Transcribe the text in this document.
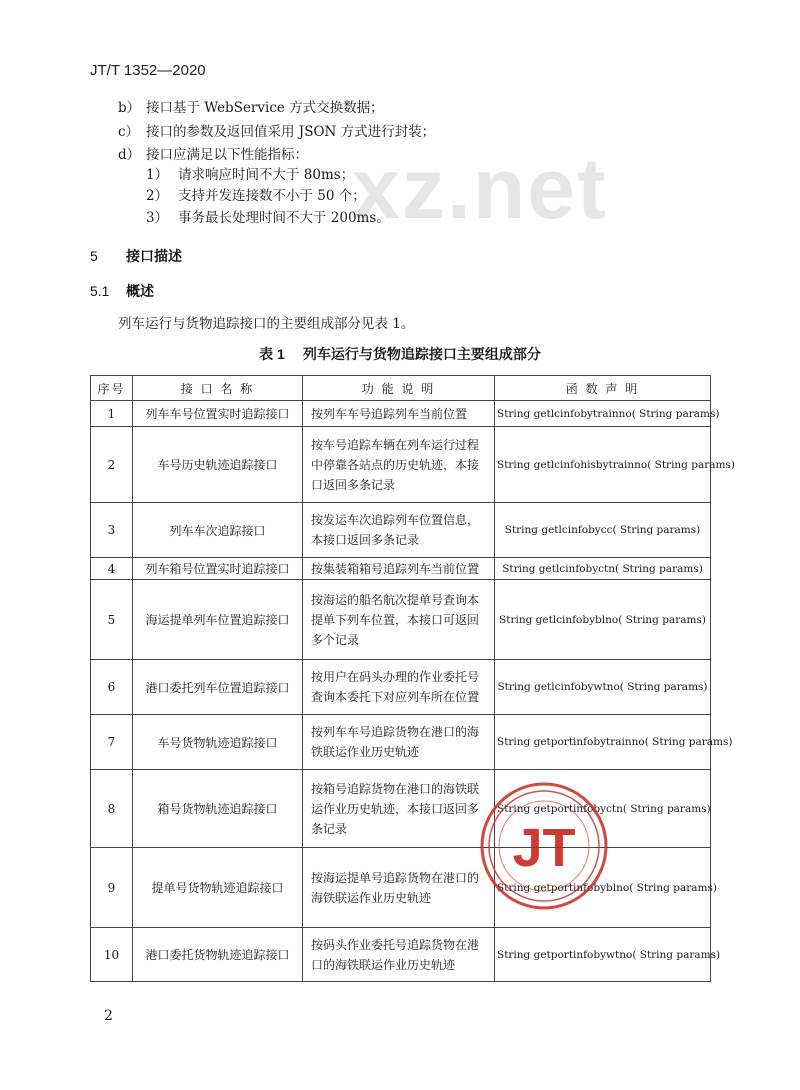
JT/T 1352—2020
xz.net
b） 接口基于 WebService 方式交换数据；
c） 接口的参数及返回值采用 JSON 方式进行封装；
d） 接口应满足以下性能指标：
1） 请求响应时间不大于 80ms；
2） 支持并发连接数不小于 50 个；
3） 事务最长处理时间不大于 200ms。
5 接口描述
5.1 概述
列车运行与货物追踪接口的主要组成部分见表 1。
表 1 列车运行与货物追踪接口主要组成部分
序号	接 口 名 称	功 能 说 明	函 数 声 明
1	列车车号位置实时追踪接口	按列车车号追踪列车当前位置	String getlcinfobytrainno( String params)
2	车号历史轨迹追踪接口	按车号追踪车辆在列车运行过程中停靠各站点的历史轨迹，本接口返回多条记录	String getlcinfohisbytrainno( String params)
3	列车车次追踪接口	按发运车次追踪列车位置信息，本接口返回多条记录	String getlcinfobycc( String params)
4	列车箱号位置实时追踪接口	按集装箱箱号追踪列车当前位置	String getlcinfobyctn( String params)
5	海运提单列车位置追踪接口	按海运的船名航次提单号查询本提单下列车位置，本接口可返回多个记录	String getlcinfobyblno( String params)
6	港口委托列车位置追踪接口	按用户在码头办理的作业委托号查询本委托下对应列车所在位置	String getlcinfobywtno( String params)
7	车号货物轨迹追踪接口	按列车车号追踪货物在港口的海铁联运作业历史轨迹	String getportinfobytrainno( String params)
8	箱号货物轨迹追踪接口	按箱号追踪货物在港口的海铁联运作业历史轨迹，本接口返回多条记录	String getportinfobyctn( String params)
9	提单号货物轨迹追踪接口	按海运提单号追踪货物在港口的海铁联运作业历史轨迹	String getportinfobyblno( String params)
10	港口委托货物轨迹追踪接口	按码头作业委托号追踪货物在港口的海铁联运作业历史轨迹	String getportinfobywtno( String params)
JT
2
